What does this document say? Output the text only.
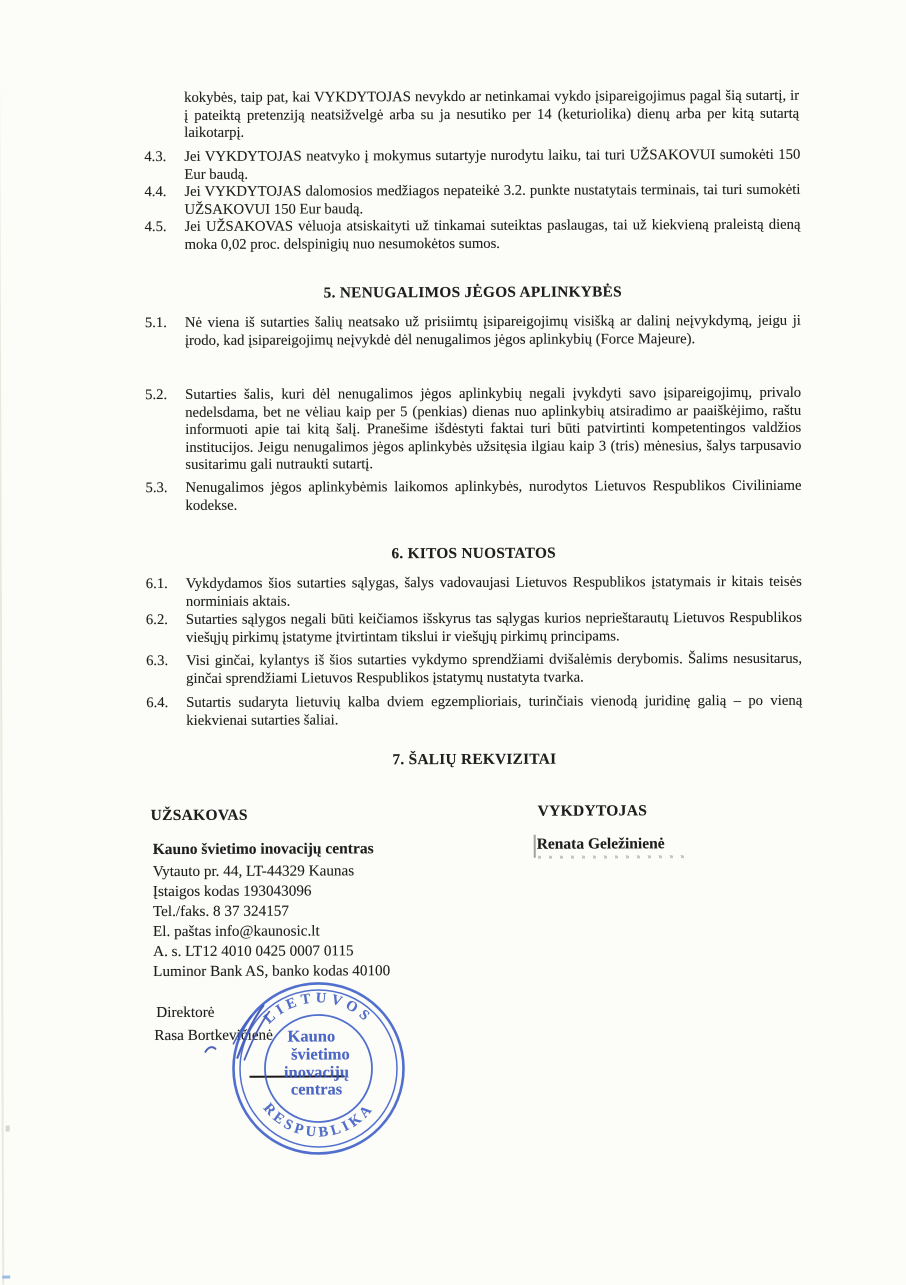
kokybės, taip pat, kai VYKDYTOJAS nevykdo ar netinkamai vykdo įsipareigojimus pagal šią sutartį, ir į pateiktą pretenziją neatsižvelgė arba su ja nesutiko per 14 (keturiolika) dienų arba per kitą sutartą laikotarpį.
4.3. Jei VYKDYTOJAS neatvyko į mokymus sutartyje nurodytu laiku, tai turi UŽSAKOVUI sumokėti 150 Eur baudą.
4.4. Jei VYKDYTOJAS dalomosios medžiagos nepateikė 3.2. punkte nustatytais terminais, tai turi sumokėti UŽSAKOVUI 150 Eur baudą.
4.5. Jei UŽSAKOVAS vėluoja atsiskaityti už tinkamai suteiktas paslaugas, tai už kiekvieną praleistą dieną moka 0,02 proc. delspinigių nuo nesumokėtos sumos.
5. NENUGALIMOS JĖGOS APLINKYBĖS
5.1. Nė viena iš sutarties šalių neatsako už prisiimtų įsipareigojimų visišką ar dalinį neįvykdymą, jeigu ji įrodo, kad įsipareigojimų neįvykdė dėl nenugalimos jėgos aplinkybių (Force Majeure).
5.2. Sutarties šalis, kuri dėl nenugalimos jėgos aplinkybių negali įvykdyti savo įsipareigojimų, privalo nedelsdama, bet ne vėliau kaip per 5 (penkias) dienas nuo aplinkybių atsiradimo ar paaiškėjimo, raštu informuoti apie tai kitą šalį. Pranešime išdėstyti faktai turi būti patvirtinti kompetentingos valdžios institucijos. Jeigu nenugalimos jėgos aplinkybės užsitęsia ilgiau kaip 3 (tris) mėnesius, šalys tarpusavio susitarimu gali nutraukti sutartį.
5.3. Nenugalimos jėgos aplinkybėmis laikomos aplinkybės, nurodytos Lietuvos Respublikos Civiliniame kodekse.
6. KITOS NUOSTATOS
6.1. Vykdydamos šios sutarties sąlygas, šalys vadovaujasi Lietuvos Respublikos įstatymais ir kitais teisės norminiais aktais.
6.2. Sutarties sąlygos negali būti keičiamos išskyrus tas sąlygas kurios neprieštarautų Lietuvos Respublikos viešųjų pirkimų įstatyme įtvirtintam tikslui ir viešųjų pirkimų principams.
6.3. Visi ginčai, kylantys iš šios sutarties vykdymo sprendžiami dvišalėmis derybomis. Šalims nesusitarus, ginčai sprendžiami Lietuvos Respublikos įstatymų nustatyta tvarka.
6.4. Sutartis sudaryta lietuvių kalba dviem egzemplioriais, turinčiais vienodą juridinę galią – po vieną kiekvienai sutarties šaliai.
7. ŠALIŲ REKVIZITAI
UŽSAKOVAS	VYKDYTOJAS
Kauno švietimo inovacijų centras
Vytauto pr. 44, LT-44329 Kaunas
Įstaigos kodas 193043096
Tel./faks. 8 37 324157
El. paštas info@kaunosic.lt
A. s. LT12 4010 0425 0007 0115
Luminor Bank AS, banko kodas 40100
Renata Geležinienė
Direktorė
Rasa Bortkevičienė
LIETUVOS
RESPUBLIKA
Kauno
švietimo
inovacijų
centras
